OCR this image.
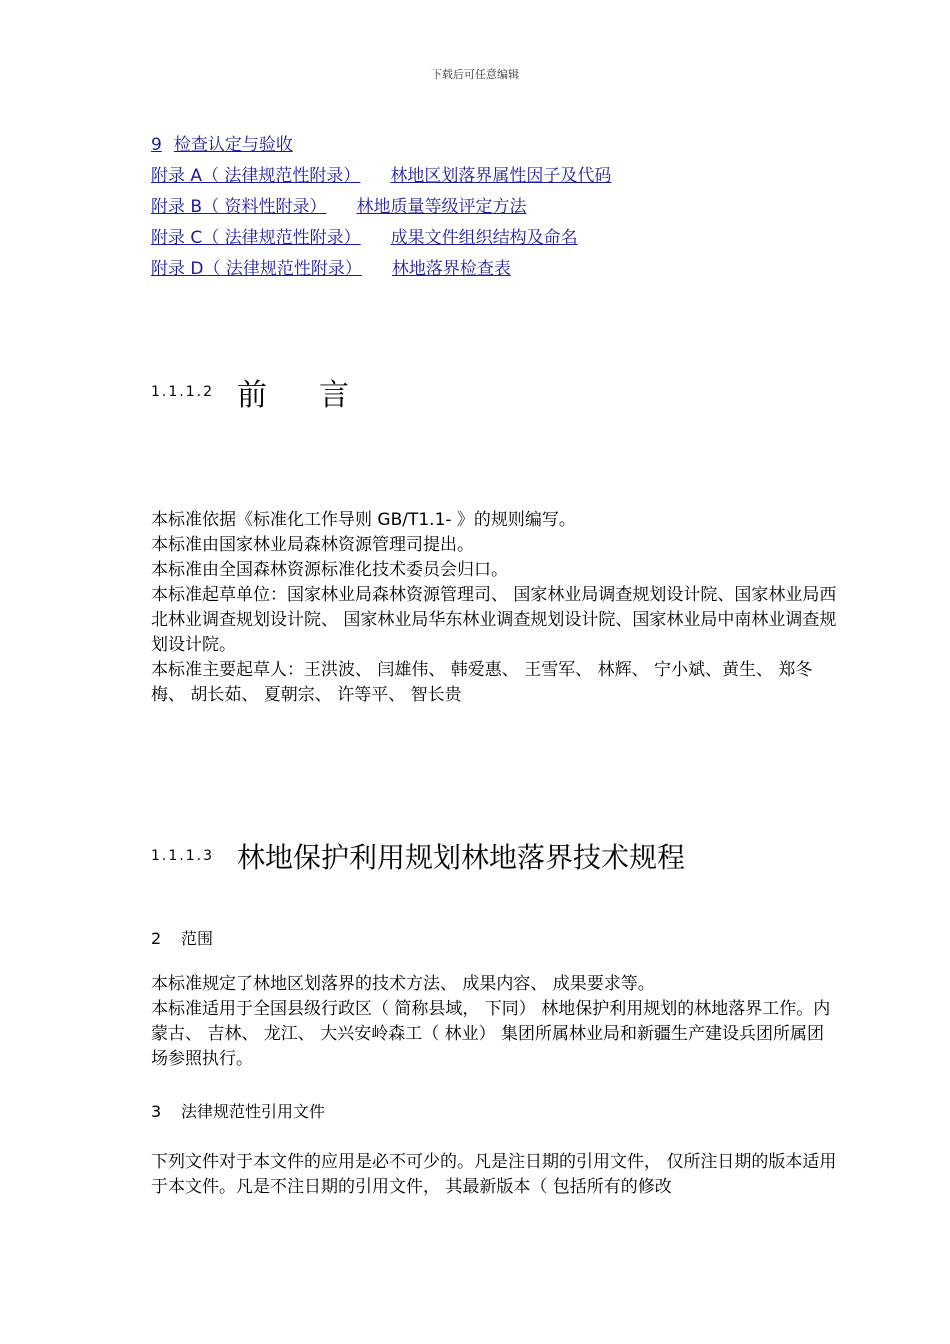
下载后可任意编辑
9 检查认定与验收
附录 A（ 法律规范性附录） 林地区划落界属性因子及代码
附录 B（ 资料性附录） 林地质量等级评定方法
附录 C（ 法律规范性附录） 成果文件组织结构及命名
附录 D（ 法律规范性附录） 林地落界检查表
1.1.1.2 前言

本标准依据《标准化工作导则 GB/T1.1- 》的规则编写。

本标准由国家林业局森林资源管理司提出。

本标准由全国森林资源标准化技术委员会归口。

本标准起草单位：国家林业局森林资源管理司、 国家林业局调查规划设计院、国家林业局西北林业调查规划设计院、 国家林业局华东林业调查规划设计院、国家林业局中南林业调查规划设计院。

本标准主要起草人：王洪波、 闫雄伟、 韩爱惠、 王雪军、 林辉、 宁小斌、黄生、 郑冬梅、 胡长茹、 夏朝宗、 许等平、 智长贵

1.1.1.3 林地保护利用规划林地落界技术规程
2 范围

本标准规定了林地区划落界的技术方法、 成果内容、 成果要求等。

本标准适用于全国县级行政区（ 简称县域， 下同） 林地保护利用规划的林地落界工作。内蒙古、 吉林、 龙江、 大兴安岭森工（ 林业） 集团所属林业局和新疆生产建设兵团所属团场参照执行。

3 法律规范性引用文件

下列文件对于本文件的应用是必不可少的。凡是注日期的引用文件， 仅所注日期的版本适用于本文件。凡是不注日期的引用文件， 其最新版本（ 包括所有的修改
